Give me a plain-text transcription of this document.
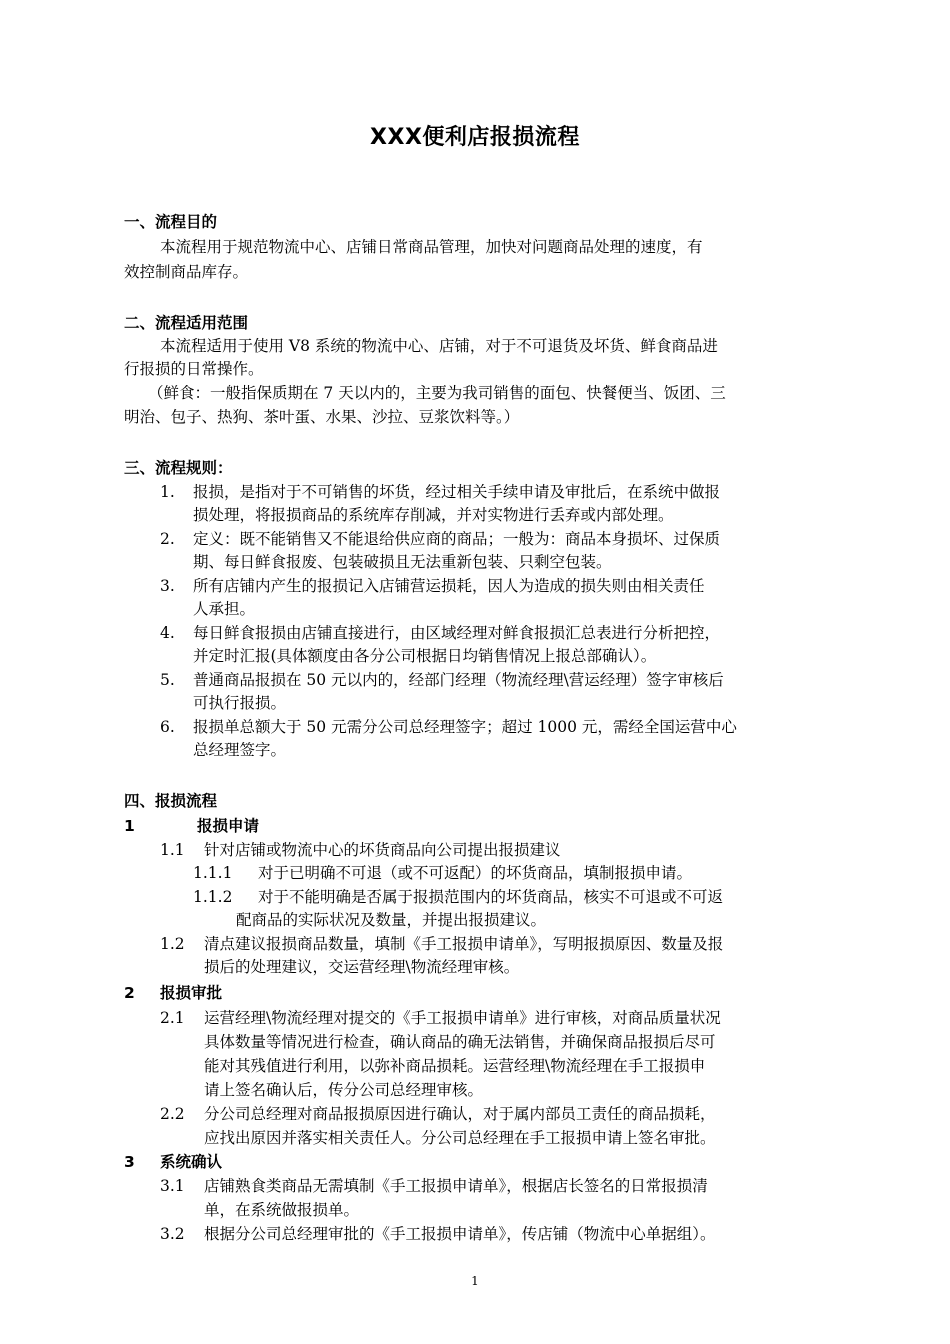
XXX便利店报损流程
一、流程目的
本流程用于规范物流中心、店铺日常商品管理，加快对问题商品处理的速度，有
效控制商品库存。
二、流程适用范围
本流程适用于使用 V8 系统的物流中心、店铺，对于不可退货及坏货、鲜食商品进
行报损的日常操作。
（鲜食：一般指保质期在 7 天以内的，主要为我司销售的面包、快餐便当、饭团、三
明治、包子、热狗、茶叶蛋、水果、沙拉、豆浆饮料等。）
三、流程规则：
1. 报损，是指对于不可销售的坏货，经过相关手续申请及审批后，在系统中做报
损处理，将报损商品的系统库存削减，并对实物进行丢弃或内部处理。
2. 定义：既不能销售又不能退给供应商的商品；一般为：商品本身损坏、过保质
期、每日鲜食报废、包装破损且无法重新包装、只剩空包装。
3. 所有店铺内产生的报损记入店铺营运损耗，因人为造成的损失则由相关责任
人承担。
4. 每日鲜食报损由店铺直接进行，由区域经理对鲜食报损汇总表进行分析把控，
并定时汇报(具体额度由各分公司根据日均销售情况上报总部确认）。
5. 普通商品报损在 50 元以内的，经部门经理（物流经理\营运经理）签字审核后
可执行报损。
6. 报损单总额大于 50 元需分公司总经理签字；超过 1000 元，需经全国运营中心
总经理签字。
四、报损流程
1	报损申请
1.1 针对店铺或物流中心的坏货商品向公司提出报损建议
1.1.1 对于已明确不可退（或不可返配）的坏货商品，填制报损申请。
1.1.2 对于不能明确是否属于报损范围内的坏货商品，核实不可退或不可返
配商品的实际状况及数量，并提出报损建议。
1.2 清点建议报损商品数量，填制《手工报损申请单》，写明报损原因、数量及报
损后的处理建议，交运营经理\物流经理审核。
2 报损审批
2.1 运营经理\物流经理对提交的《手工报损申请单》进行审核，对商品质量状况
具体数量等情况进行检查，确认商品的确无法销售，并确保商品报损后尽可
能对其残值进行利用，以弥补商品损耗。运营经理\物流经理在手工报损申
请上签名确认后，传分公司总经理审核。
2.2 分公司总经理对商品报损原因进行确认，对于属内部员工责任的商品损耗，
应找出原因并落实相关责任人。分公司总经理在手工报损申请上签名审批。
3 系统确认
3.1 店铺熟食类商品无需填制《手工报损申请单》，根据店长签名的日常报损清
单，在系统做报损单。
3.2 根据分公司总经理审批的《手工报损申请单》，传店铺（物流中心单据组）。
1
